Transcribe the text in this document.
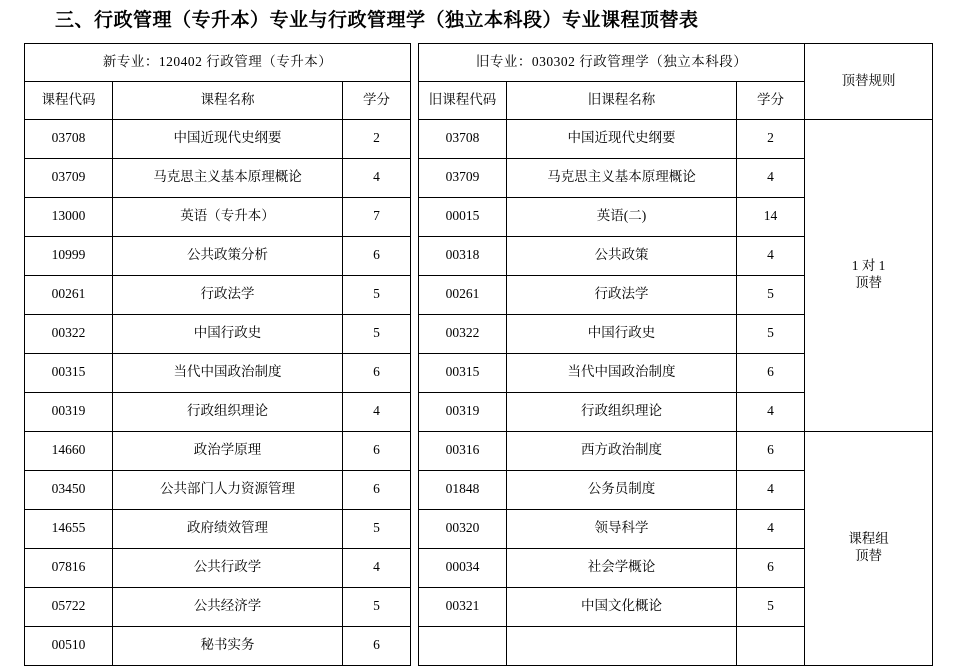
三、行政管理（专升本）专业与行政管理学（独立本科段）专业课程顶替表
新专业：120402 行政管理（专升本）				旧专业：030302 行政管理学（独立本科段）			顶替规则
课程代码	课程名称	学分		旧课程代码	旧课程名称	学分	
03708	中国近现代史纲要	2		03708	中国近现代史纲要	2	1 对 1
顶替
03709	马克思主义基本原理概论	4		03709	马克思主义基本原理概论	4	
13000	英语（专升本）	7		00015	英语(二)	14	
10999	公共政策分析	6		00318	公共政策	4	
00261	行政法学	5		00261	行政法学	5	
00322	中国行政史	5		00322	中国行政史	5	
00315	当代中国政治制度	6		00315	当代中国政治制度	6	
00319	行政组织理论	4		00319	行政组织理论	4	
14660	政治学原理	6		00316	西方政治制度	6	课程组
顶替
03450	公共部门人力资源管理	6		01848	公务员制度	4	
14655	政府绩效管理	5		00320	领导科学	4	
07816	公共行政学	4		00034	社会学概论	6	
05722	公共经济学	5		00321	中国文化概论	5	
00510	秘书实务	6					
